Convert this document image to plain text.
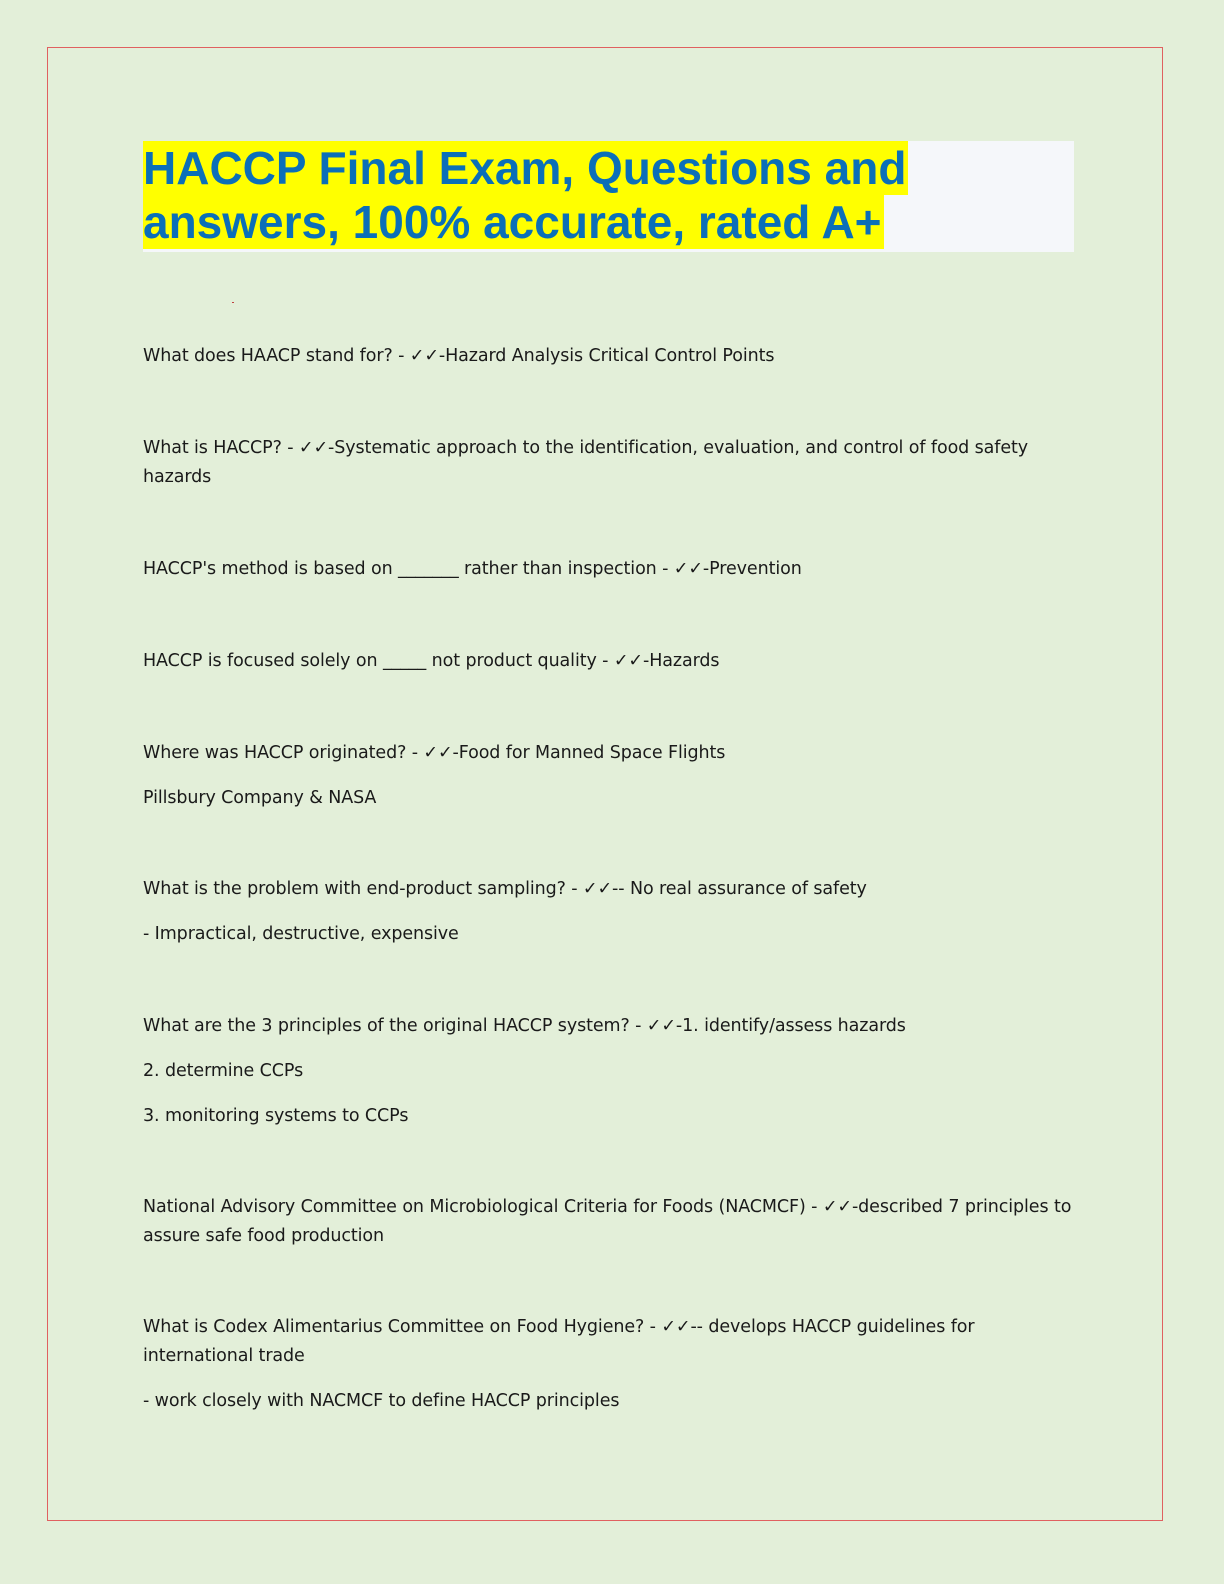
HACCP Final Exam, Questions and
answers, 100% accurate, rated A+

What does HAACP stand for? - ✓✓-Hazard Analysis Critical Control Points

What is HACCP? - ✓✓-Systematic approach to the identification, evaluation, and control of food safety hazards

HACCP's method is based on _______ rather than inspection - ✓✓-Prevention

HACCP is focused solely on _____ not product quality - ✓✓-Hazards

Where was HACCP originated? - ✓✓-Food for Manned Space Flights

Pillsbury Company & NASA

What is the problem with end-product sampling? - ✓✓-- No real assurance of safety

- Impractical, destructive, expensive

What are the 3 principles of the original HACCP system? - ✓✓-1. identify/assess hazards

2. determine CCPs

3. monitoring systems to CCPs

National Advisory Committee on Microbiological Criteria for Foods (NACMCF) - ✓✓-described 7 principles to assure safe food production

What is Codex Alimentarius Committee on Food Hygiene? - ✓✓-- develops HACCP guidelines for international trade

- work closely with NACMCF to define HACCP principles
